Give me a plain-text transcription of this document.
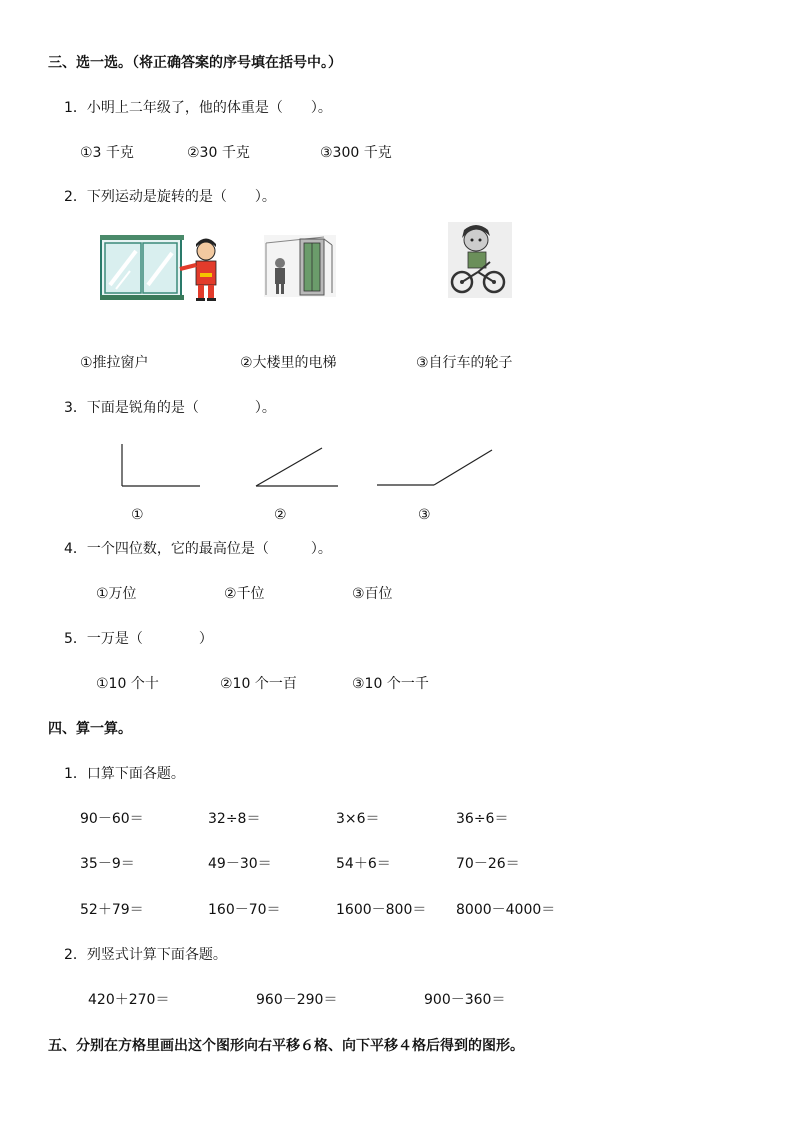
三、选一选。（将正确答案的序号填在括号中。）
1．小明上二年级了，他的体重是（　　）。
①3 千克	②30 千克	③300 千克
2．下列运动是旋转的是（　　）。
①推拉窗户	②大楼里的电梯	③自行车的轮子
3．下面是锐角的是（　　　　）。
①	②	③
4．一个四位数，它的最高位是（　　　）。
①万位	②千位	③百位
5．一万是（　　　　）
①10 个十	②10 个一百	③10 个一千
四、算一算。
1．口算下面各题。
90－60＝	32÷8＝	3×6＝	36÷6＝
35－9＝	49－30＝	54＋6＝	70－26＝
52＋79＝	160－70＝	1600－800＝ 8000－4000＝
2．列竖式计算下面各题。
420＋270＝	960－290＝	900－360＝
五、分别在方格里画出这个图形向右平移６格、向下平移４格后得到的图形。
